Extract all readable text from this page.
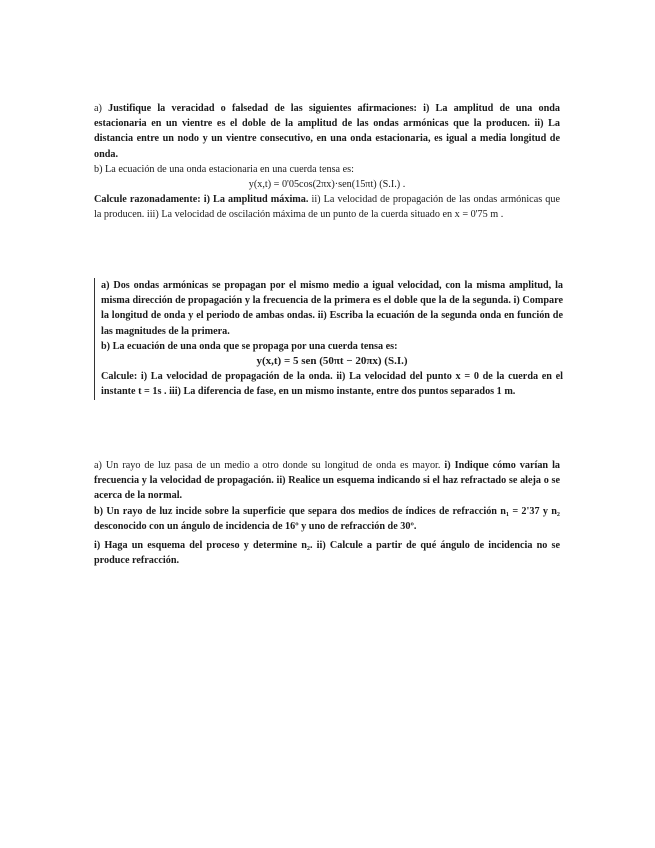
a) Justifique la veracidad o falsedad de las siguientes afirmaciones: i) La amplitud de una onda estacionaria en un vientre es el doble de la amplitud de las ondas armónicas que la producen. ii) La distancia entre un nodo y un vientre consecutivo, en una onda estacionaria, es igual a media longitud de onda.

b) La ecuación de una onda estacionaria en una cuerda tensa es:

y(x,t) = 0'05cos(2πx)·sen(15πt) (S.I.) .

Calcule razonadamente: i) La amplitud máxima. ii) La velocidad de propagación de las ondas armónicas que la producen. iii) La velocidad de oscilación máxima de un punto de la cuerda situado en x = 0'75 m .

a) Dos ondas armónicas se propagan por el mismo medio a igual velocidad, con la misma amplitud, la misma dirección de propagación y la frecuencia de la primera es el doble que la de la segunda. i) Compare la longitud de onda y el periodo de ambas ondas. ii) Escriba la ecuación de la segunda onda en función de las magnitudes de la primera.

b) La ecuación de una onda que se propaga por una cuerda tensa es:

y(x,t) = 5 sen (50πt − 20πx) (S.I.)

Calcule: i) La velocidad de propagación de la onda. ii) La velocidad del punto x = 0 de la cuerda en el instante t = 1s . iii) La diferencia de fase, en un mismo instante, entre dos puntos separados 1 m.

a) Un rayo de luz pasa de un medio a otro donde su longitud de onda es mayor. i) Indique cómo varían la frecuencia y la velocidad de propagación. ii) Realice un esquema indicando si el haz refractado se aleja o se acerca de la normal.

b) Un rayo de luz incide sobre la superficie que separa dos medios de índices de refracción n₁ = 2'37 y n₂ desconocido con un ángulo de incidencia de 16º y uno de refracción de 30º.

i) Haga un esquema del proceso y determine n₂. ii) Calcule a partir de qué ángulo de incidencia no se produce refracción.
